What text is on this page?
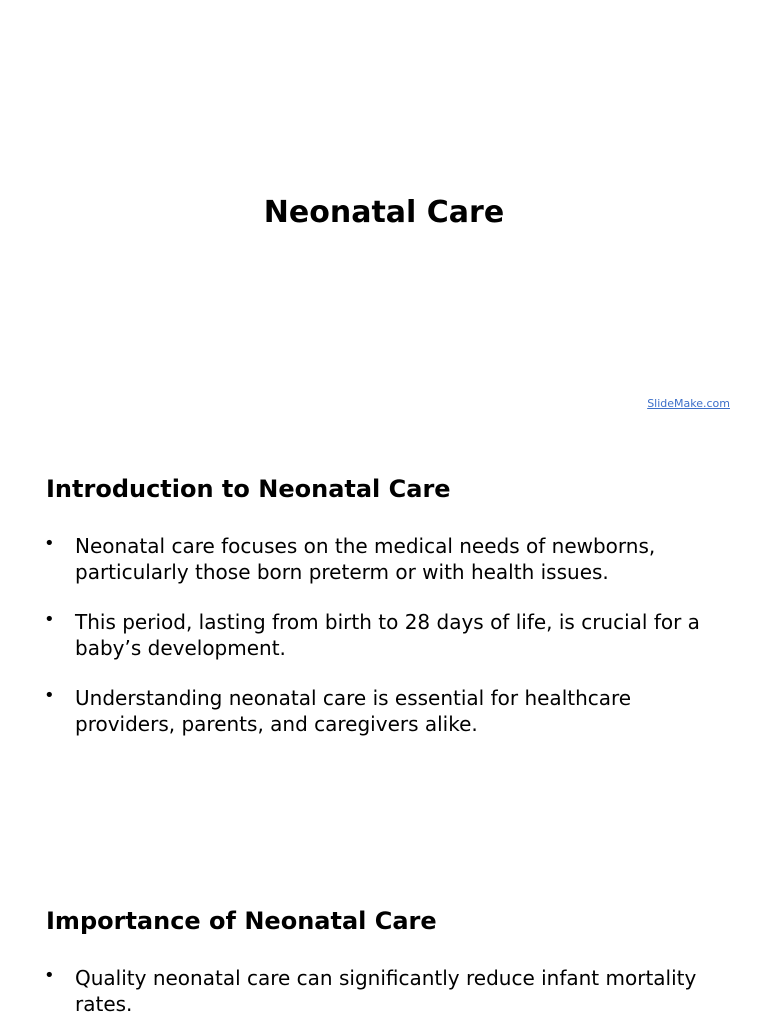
Neonatal Care
SlideMake.com
Introduction to Neonatal Care
• Neonatal care focuses on the medical needs of newborns, particularly those born preterm or with health issues.
• This period, lasting from birth to 28 days of life, is crucial for a baby’s development.
• Understanding neonatal care is essential for healthcare providers, parents, and caregivers alike.
Importance of Neonatal Care
• Quality neonatal care can significantly reduce infant mortality rates.
